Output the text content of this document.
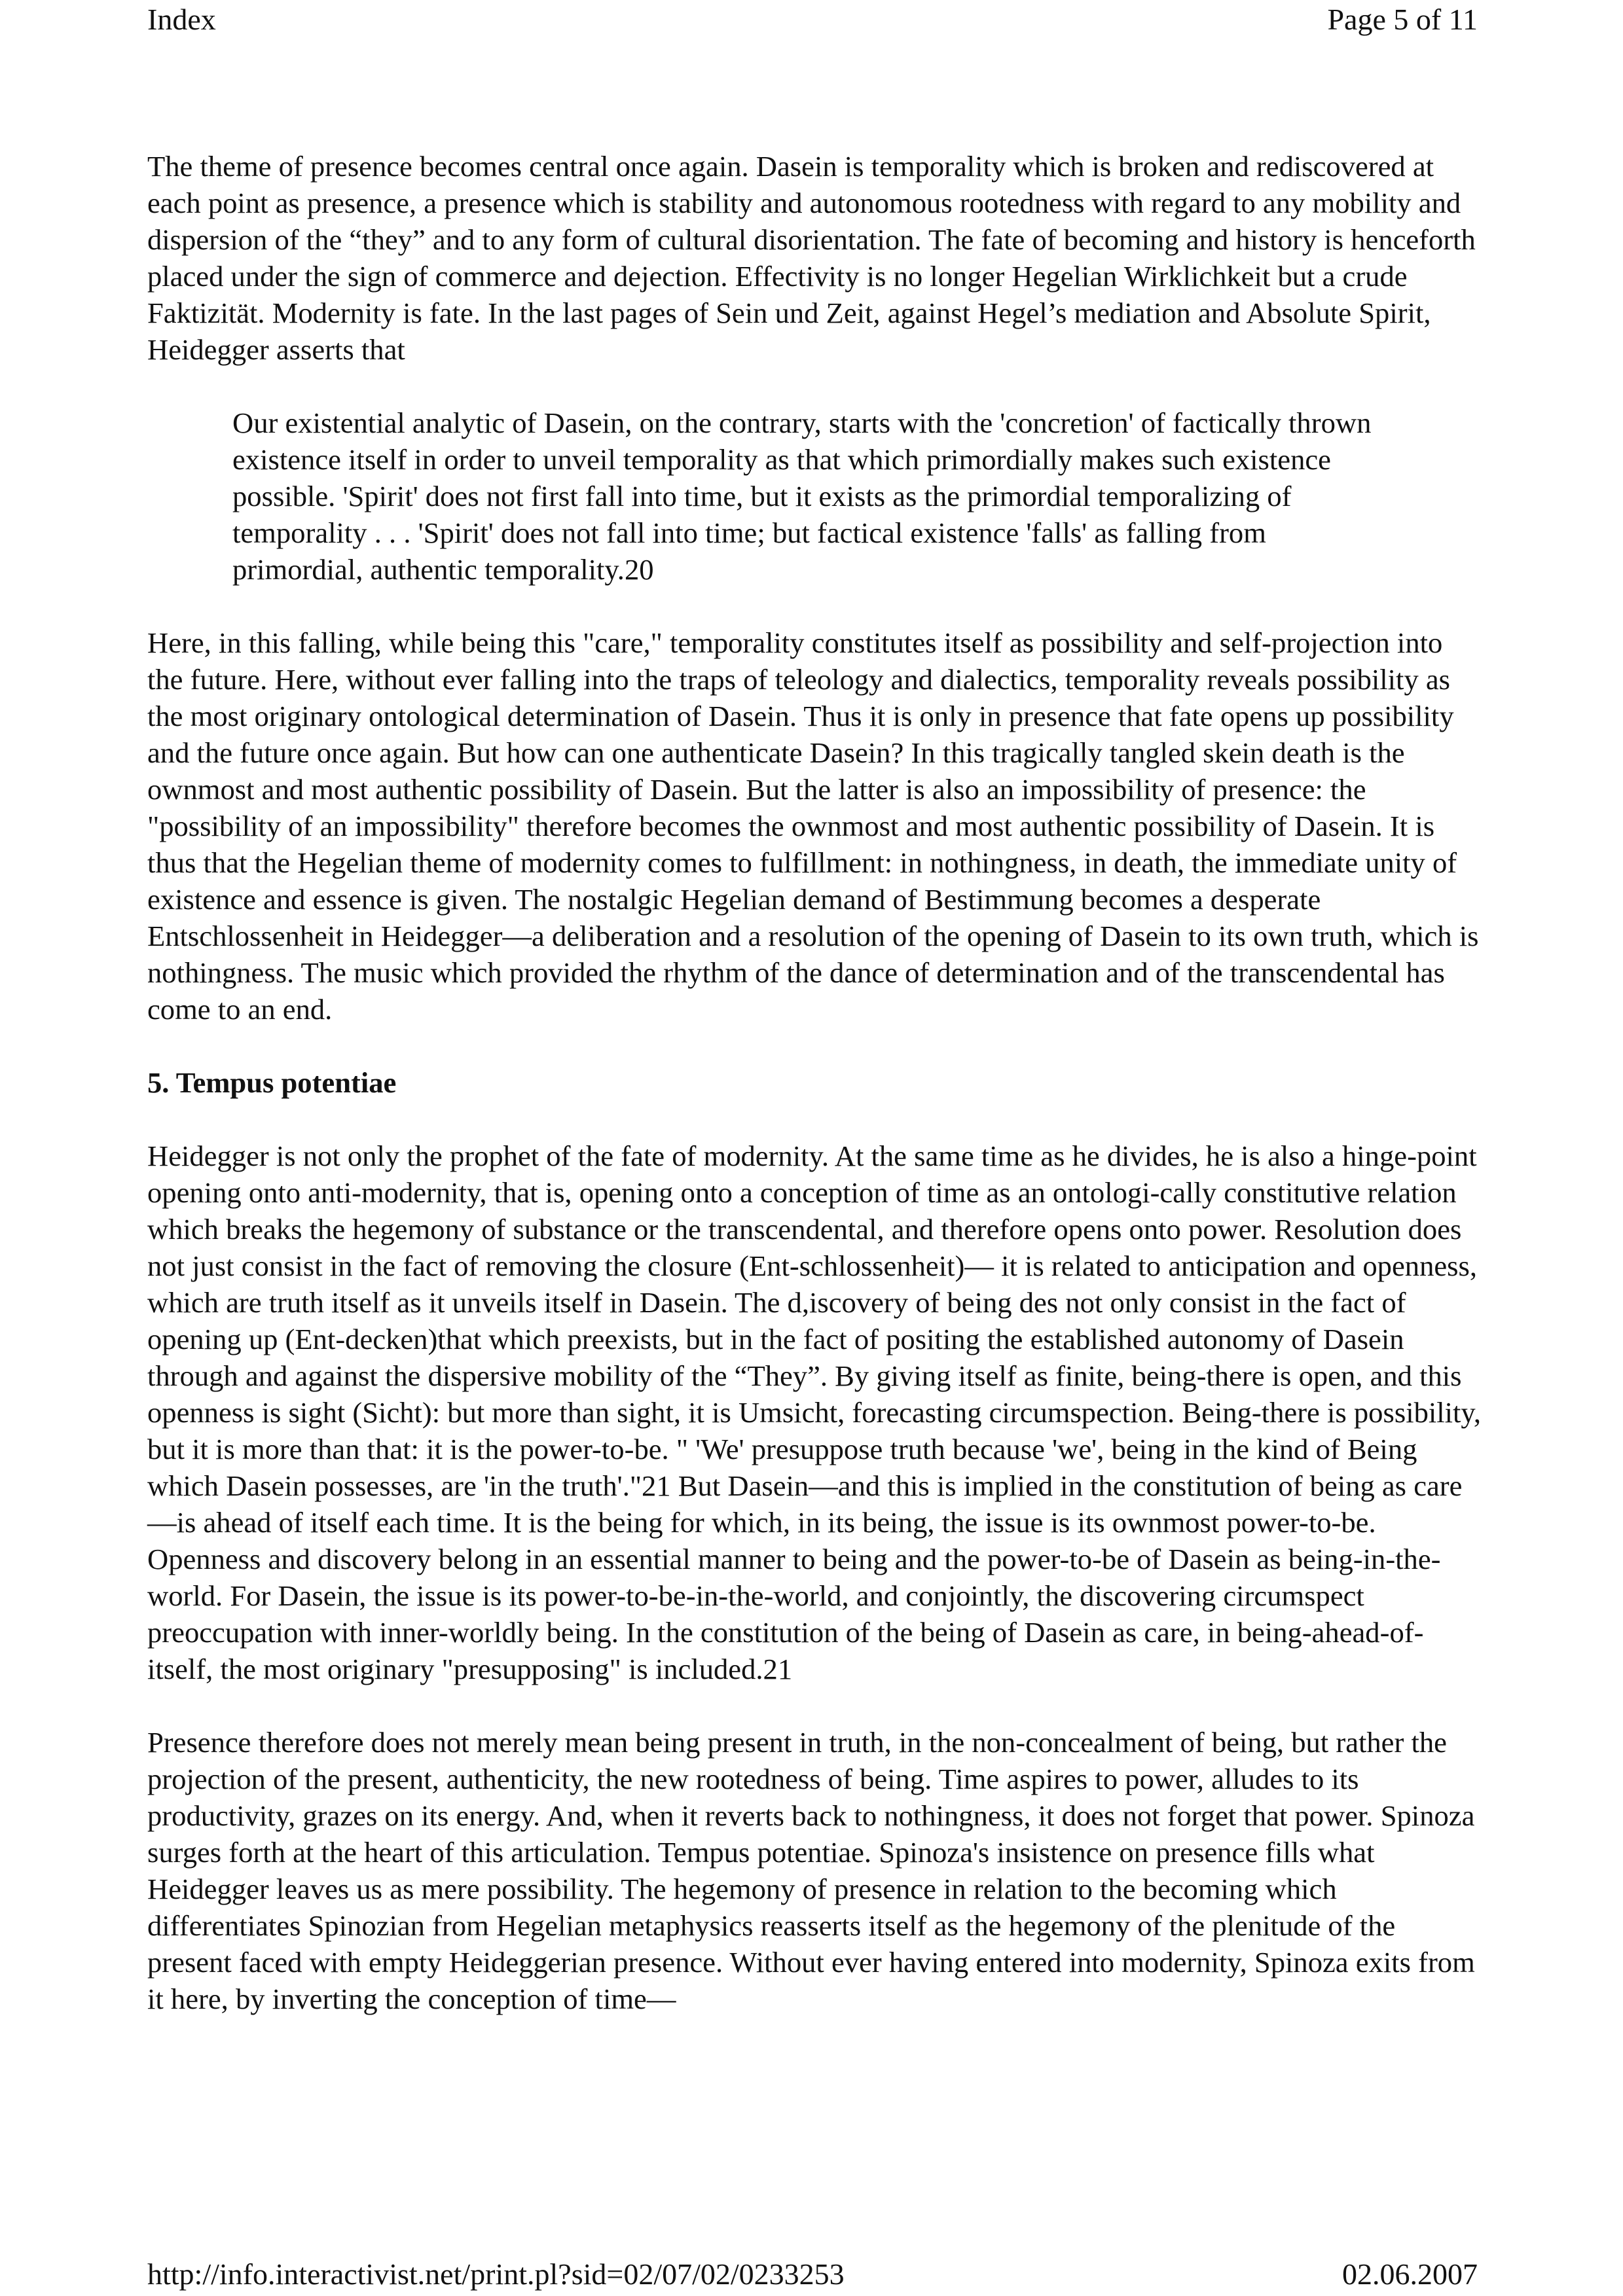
Index	Page 5 of 11

The theme of presence becomes central once again. Dasein is temporality which is broken and rediscovered at each point as presence, a presence which is stability and autonomous rootedness with regard to any mobility and dispersion of the “they” and to any form of cultural disorientation. The fate of becoming and history is henceforth placed under the sign of commerce and dejection. Effectivity is no longer Hegelian Wirklichkeit but a crude Faktizität. Modernity is fate. In the last pages of Sein und Zeit, against Hegel’s mediation and Absolute Spirit, Heidegger asserts that

Our existential analytic of Dasein, on the contrary, starts with the 'concretion' of factically thrown existence itself in order to unveil temporality as that which primordially makes such existence possible. 'Spirit' does not first fall into time, but it exists as the primordial temporalizing of temporality . . . 'Spirit' does not fall into time; but factical existence 'falls' as falling from primordial, authentic temporality.20

Here, in this falling, while being this "care," temporality constitutes itself as possibility and self-projection into the future. Here, without ever falling into the traps of teleology and dialectics, temporality reveals possibility as the most originary ontological determination of Dasein. Thus it is only in presence that fate opens up possibility and the future once again. But how can one authenticate Dasein? In this tragically tangled skein death is the ownmost and most authentic possibility of Dasein. But the latter is also an impossibility of presence: the "possibility of an impossibility" therefore becomes the ownmost and most authentic possibility of Dasein. It is thus that the Hegelian theme of modernity comes to fulfillment: in nothingness, in death, the immediate unity of existence and essence is given. The nostalgic Hegelian demand of Bestimmung becomes a desperate Entschlossenheit in Heidegger—a deliberation and a resolution of the opening of Dasein to its own truth, which is nothingness. The music which provided the rhythm of the dance of determination and of the transcendental has come to an end.

5. Tempus potentiae

Heidegger is not only the prophet of the fate of modernity. At the same time as he divides, he is also a hinge-point opening onto anti-modernity, that is, opening onto a conception of time as an ontologi-cally constitutive relation which breaks the hegemony of substance or the transcendental, and therefore opens onto power. Resolution does not just consist in the fact of removing the closure (Ent-schlossenheit)— it is related to anticipation and openness, which are truth itself as it unveils itself in Dasein. The d,iscovery of being des not only consist in the fact of opening up (Ent-decken)that which preexists, but in the fact of positing the established autonomy of Dasein through and against the dispersive mobility of the “They”. By giving itself as finite, being-there is open, and this openness is sight (Sicht): but more than sight, it is Umsicht, forecasting circumspection. Being-there is possibility, but it is more than that: it is the power-to-be. " 'We' presuppose truth because 'we', being in the kind of Being which Dasein possesses, are 'in the truth'."21 But Dasein—and this is implied in the constitution of being as care—is ahead of itself each time. It is the being for which, in its being, the issue is its ownmost power-to-be. Openness and discovery belong in an essential manner to being and the power-to-be of Dasein as being-in-the-world. For Dasein, the issue is its power-to-be-in-the-world, and conjointly, the discovering circumspect preoccupation with inner-worldly being. In the constitution of the being of Dasein as care, in being-ahead-of-itself, the most originary "presupposing" is included.21

Presence therefore does not merely mean being present in truth, in the non-concealment of being, but rather the projection of the present, authenticity, the new rootedness of being. Time aspires to power, alludes to its productivity, grazes on its energy. And, when it reverts back to nothingness, it does not forget that power. Spinoza surges forth at the heart of this articulation. Tempus potentiae. Spinoza's insistence on presence fills what Heidegger leaves us as mere possibility. The hegemony of presence in relation to the becoming which differentiates Spinozian from Hegelian metaphysics reasserts itself as the hegemony of the plenitude of the present faced with empty Heideggerian presence. Without ever having entered into modernity, Spinoza exits from it here, by inverting the conception of time—

http://info.interactivist.net/print.pl?sid=02/07/02/0233253	02.06.2007
